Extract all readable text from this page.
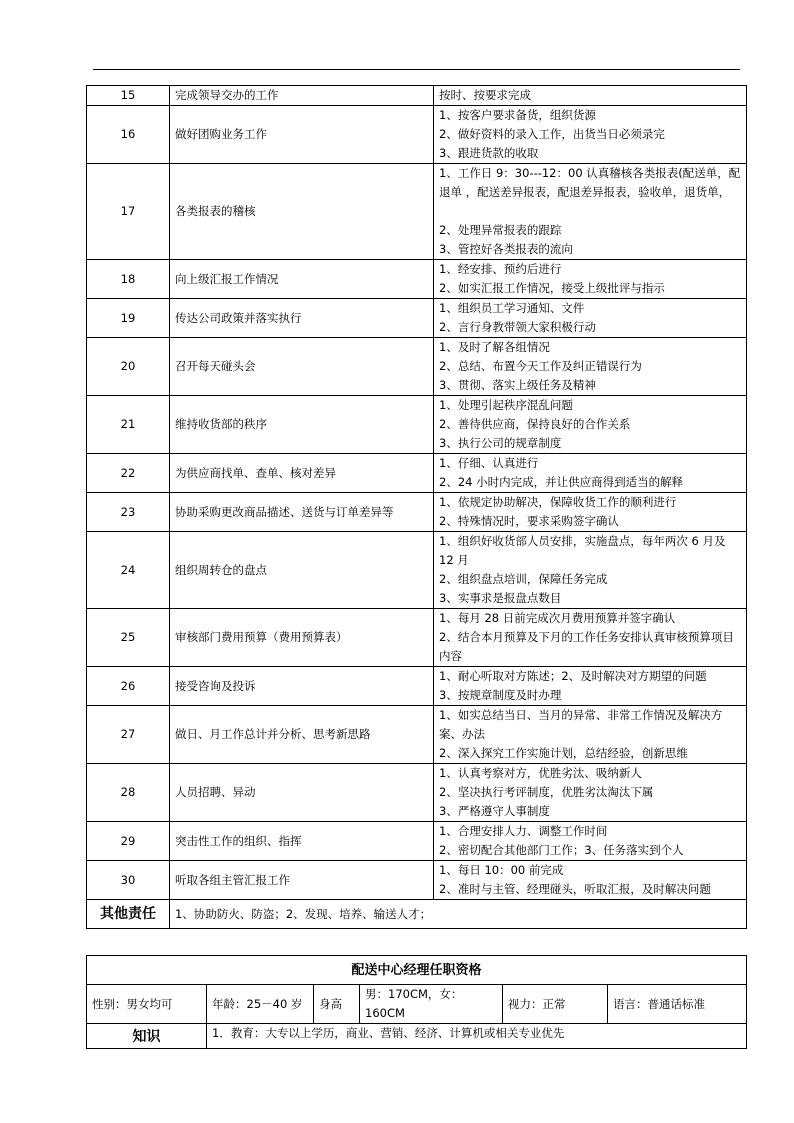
15	完成领导交办的工作	按时、按要求完成

16	做好团购业务工作	1、按客户要求备货，组织货源
2、做好资料的录入工作，出货当日必须录完
3、跟进货款的收取

17	各类报表的稽核	1、工作日 9：30---12：00 认真稽核各类报表(配送单，配退单 ，配送差异报表，配退差异报表，验收单，退货单，
2、处理异常报表的跟踪
3、管控好各类报表的流向

18	向上级汇报工作情况	1、经安排、预约后进行
2、如实汇报工作情况，接受上级批评与指示

19	传达公司政策并落实执行	1、组织员工学习通知、文件
2、言行身教带领大家积极行动

20	召开每天碰头会	1、及时了解各组情况
2、总结、布置今天工作及纠正错误行为
3、贯彻、落实上级任务及精神

21	维持收货部的秩序	1、处理引起秩序混乱问题
2、善待供应商，保持良好的合作关系
3、执行公司的规章制度

22	为供应商找单、查单、核对差异	1、仔细、认真进行
2、24 小时内完成，并让供应商得到适当的解释

23	协助采购更改商品描述、送货与订单差异等	1、依规定协助解决，保障收货工作的顺利进行
2、特殊情况时，要求采购签字确认

24	组织周转仓的盘点	1、组织好收货部人员安排，实施盘点，每年两次 6 月及 12 月
2、组织盘点培训，保障任务完成
3、实事求是报盘点数目

25	审核部门费用预算（费用预算表）	1、每月 28 日前完成次月费用预算并签字确认
2、结合本月预算及下月的工作任务安排认真审核预算项目内容

26	接受咨询及投诉	1、耐心听取对方陈述；2、及时解决对方期望的问题
3、按规章制度及时办理

27	做日、月工作总计并分析、思考新思路	1、如实总结当日、当月的异常、非常工作情况及解决方案、办法
2、深入探究工作实施计划，总结经验，创新思维

28	人员招聘、异动	1、认真考察对方，优胜劣汰、吸纳新人
2、坚决执行考评制度，优胜劣汰淘汰下属
3、严格遵守人事制度

29	突击性工作的组织、指挥	1、合理安排人力、调整工作时间
2、密切配合其他部门工作；3、任务落实到个人

30	听取各组主管汇报工作	1、每日 10：00 前完成
2、准时与主管、经理碰头，听取汇报，及时解决问题

其他责任	1、协助防火、防盗；2、发现、培养、输送人才；	
配送中心经理任职资格					
性别：男女均可	年龄：25－40 岁	身高	男：170CM，女：160CM	视力：正常	语言：普通话标准
知识	1．教育：大专以上学历，商业、营销、经济、计算机或相关专业优先				
